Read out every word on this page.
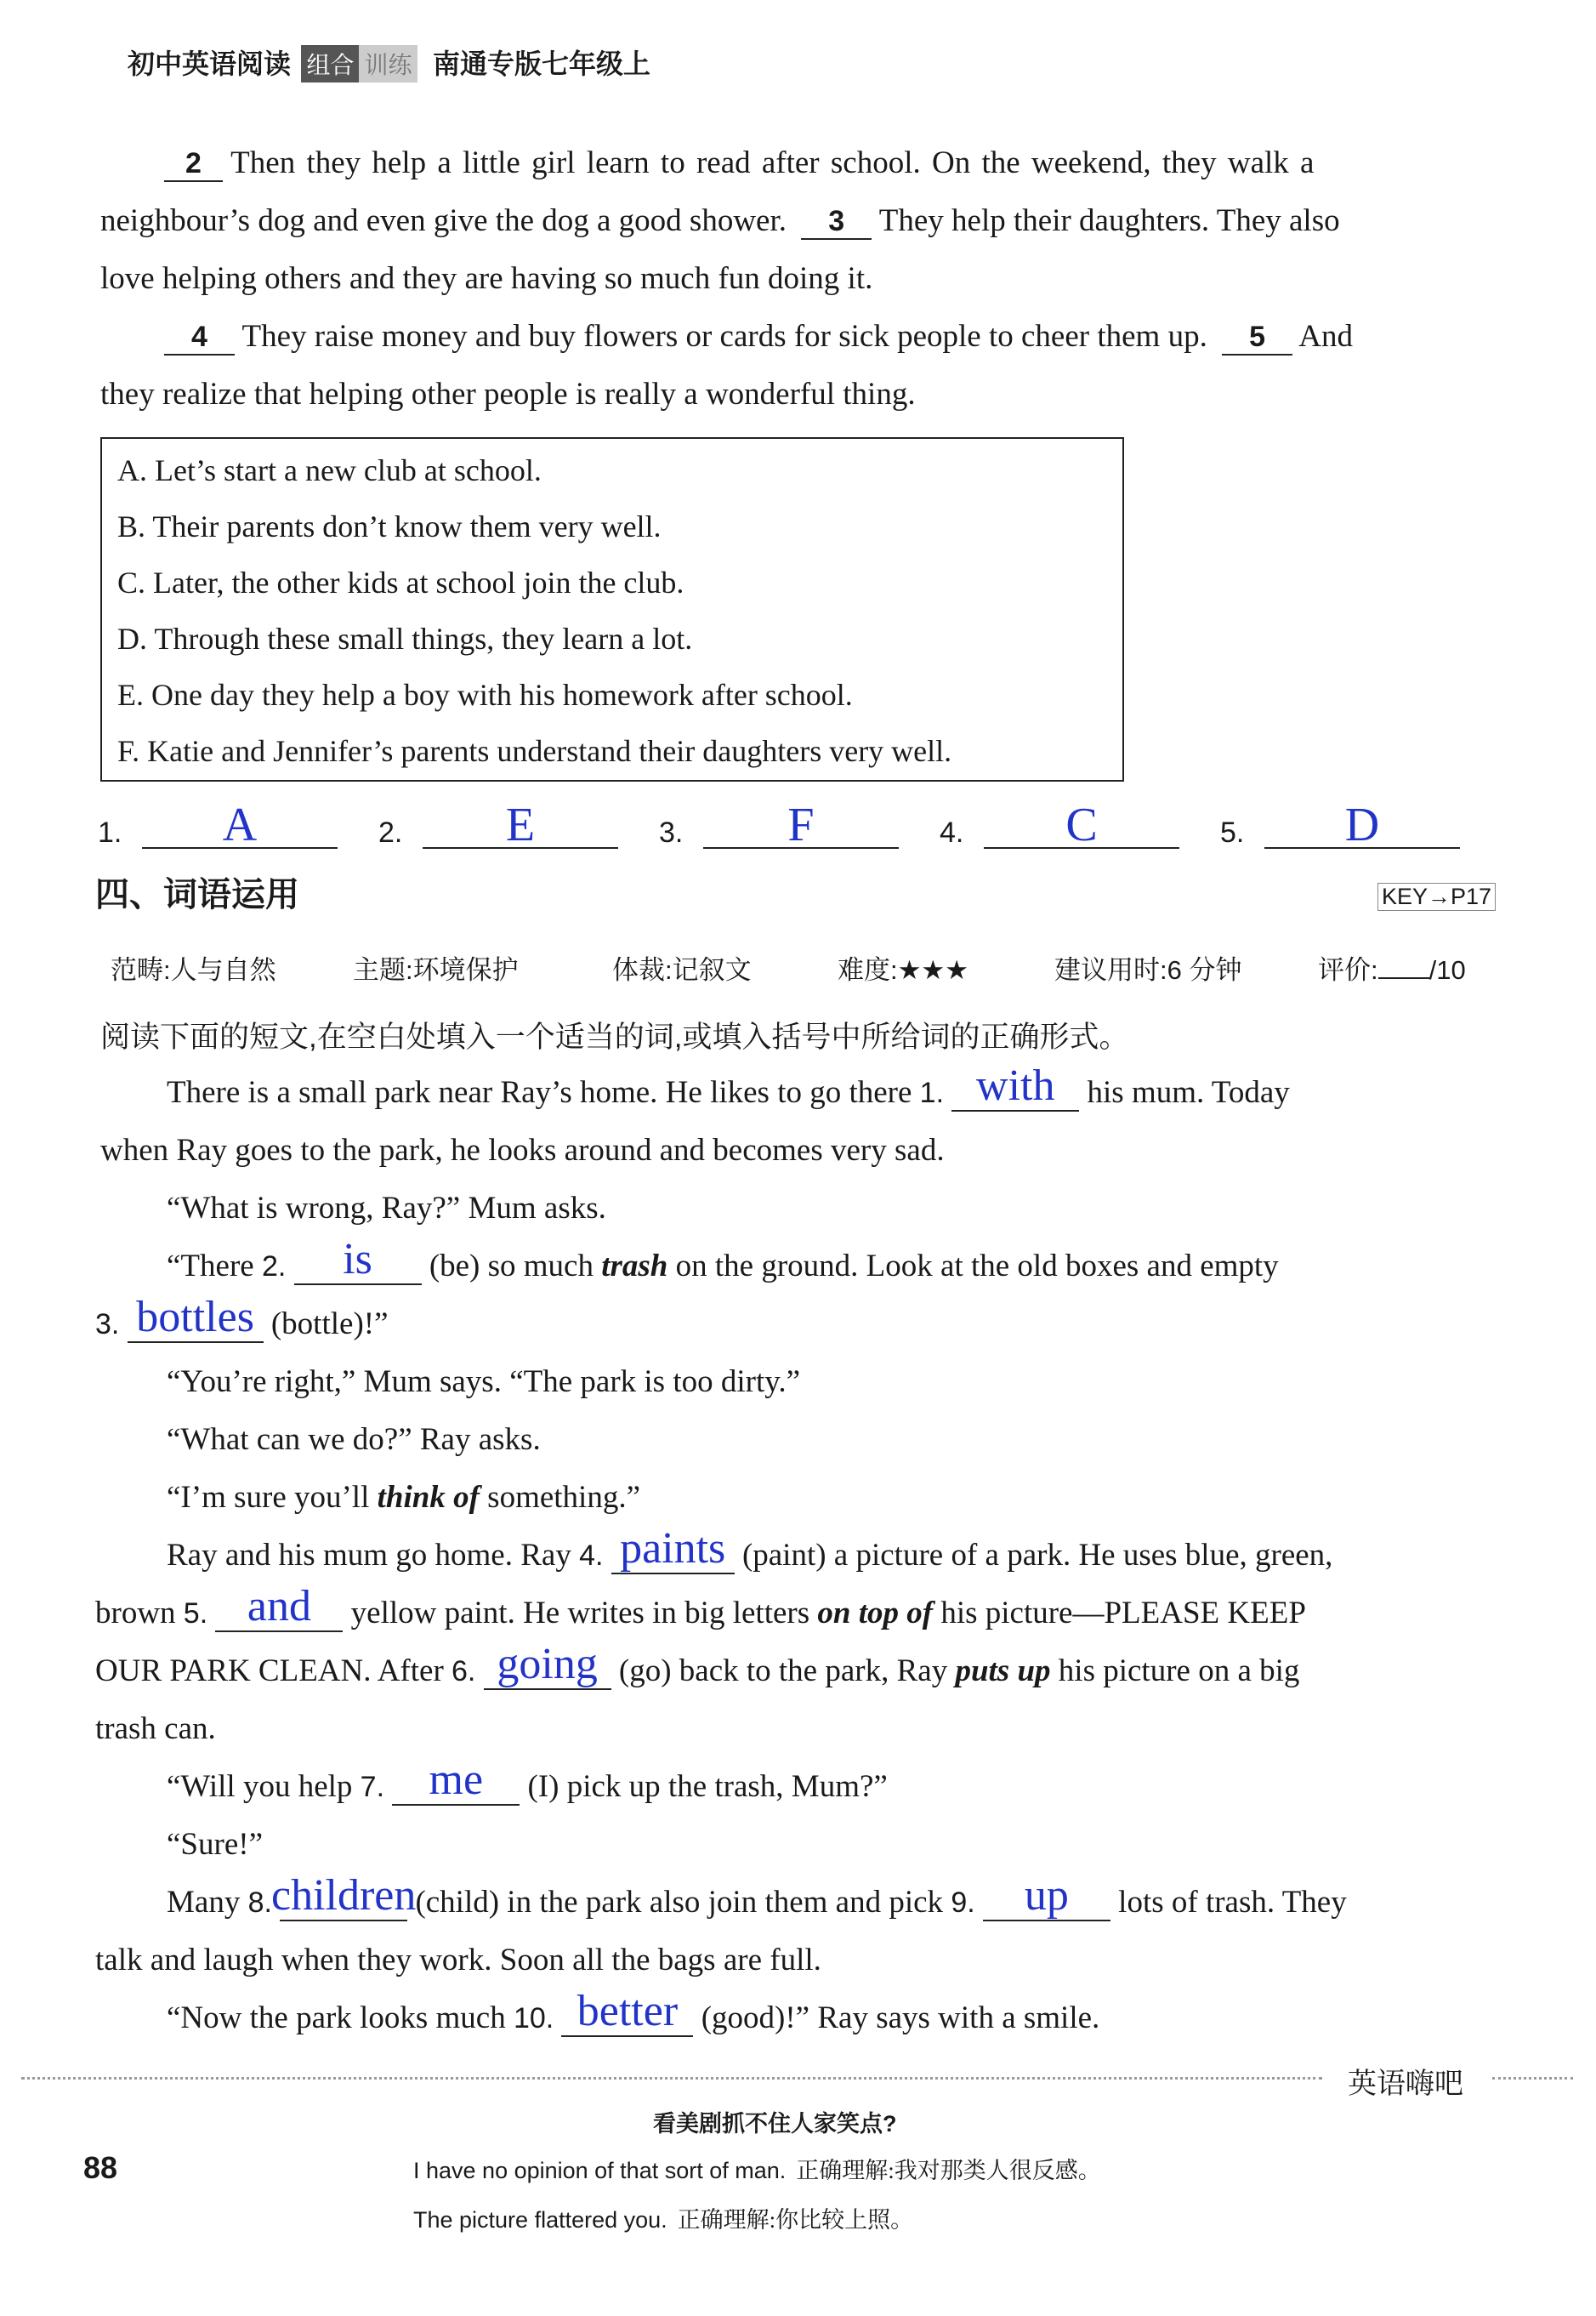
初中英语阅读 组合 训练 南通专版七年级上
2 Then they help a little girl learn to read after school. On the weekend, they walk a
neighbour’s dog and even give the dog a good shower. 3 They help their daughters. They also
love helping others and they are having so much fun doing it.
4 They raise money and buy flowers or cards for sick people to cheer them up. 5 And
they realize that helping other people is really a wonderful thing.
A. Let’s start a new club at school.
B. Their parents don’t know them very well.
C. Later, the other kids at school join the club.
D. Through these small things, they learn a lot.
E. One day they help a boy with his homework after school.
F. Katie and Jennifer’s parents understand their daughters very well.
1.	A	2.	E	3.	F	4.	C	5.	D
四、词语运用	KEY→P17
范畴:人与自然	主题:环境保护	体裁:记叙文	难度:★★★	建议用时:6 分钟	评价: /10
阅读下面的短文,在空白处填入一个适当的词,或填入括号中所给词的正确形式。
There is a small park near Ray’s home. He likes to go there 1. with	his mum. Today
when Ray goes to the park, he looks around and becomes very sad.
“What is wrong, Ray?” Mum asks.
“There 2.	is	(be) so much trash on the ground. Look at the old boxes and empty
3. bottles (bottle)!”
“You’re right,” Mum says. “The park is too dirty.”
“What can we do?” Ray asks.
“I’m sure you’ll think of something.”
Ray and his mum go home. Ray 4. paints (paint) a picture of a park. He uses blue, green,
brown 5. and	yellow paint. He writes in big letters on top of his picture—PLEASE KEEP
OUR PARK CLEAN. After 6. going (go) back to the park, Ray puts up his picture on a big
trash can.
“Will you help 7.	me	(I) pick up the trash, Mum?”
“Sure!”
Many 8. children (child) in the park also join them and pick 9.	up	lots of trash. They
talk and laugh when they work. Soon all the bags are full.
“Now the park looks much 10. better (good)!” Ray says with a smile.
英语嗨吧
看美剧抓不住人家笑点?
88	I have no opinion of that sort of man. 正确理解:我对那类人很反感。
The picture flattered you. 正确理解:你比较上照。
